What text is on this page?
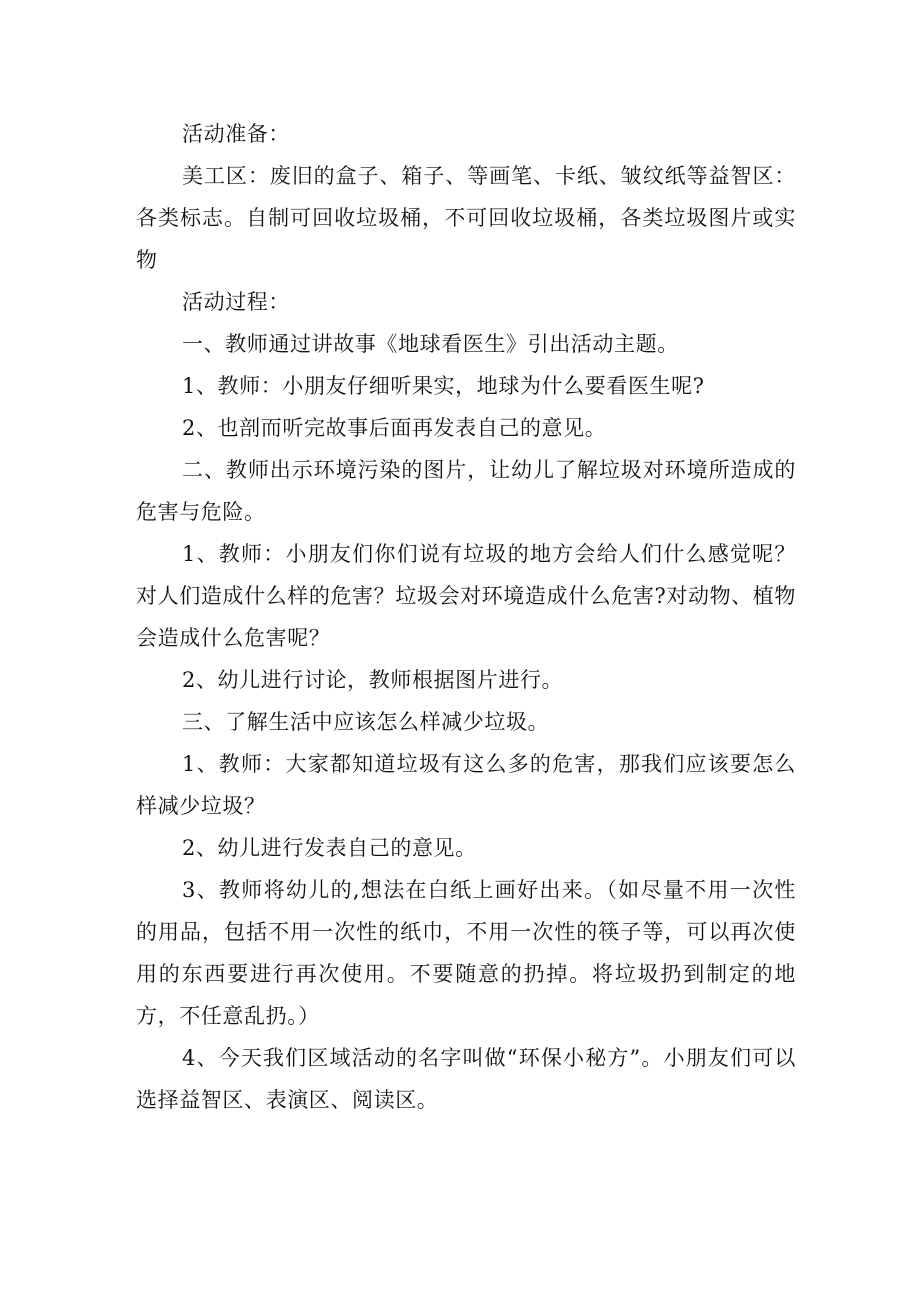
活动准备：

美工区：废旧的盒子、箱子、等画笔、卡纸、皱纹纸等益智区：各类标志。自制可回收垃圾桶，不可回收垃圾桶，各类垃圾图片或实物

活动过程：

一、教师通过讲故事《地球看医生》引出活动主题。

1、教师：小朋友仔细听果实，地球为什么要看医生呢?

2、也剖而听完故事后面再发表自己的意见。

二、教师出示环境污染的图片，让幼儿了解垃圾对环境所造成的危害与危险。

1、教师：小朋友们你们说有垃圾的地方会给人们什么感觉呢？对人们造成什么样的危害？垃圾会对环境造成什么危害?对动物、植物会造成什么危害呢？

2、幼儿进行讨论，教师根据图片进行。

三、了解生活中应该怎么样减少垃圾。

1、教师：大家都知道垃圾有这么多的危害，那我们应该要怎么样减少垃圾？

2、幼儿进行发表自己的意见。

3、教师将幼儿的,想法在白纸上画好出来。（如尽量不用一次性的用品，包括不用一次性的纸巾，不用一次性的筷子等，可以再次使用的东西要进行再次使用。不要随意的扔掉。将垃圾扔到制定的地方，不任意乱扔。）

4、今天我们区域活动的名字叫做“环保小秘方”。小朋友们可以选择益智区、表演区、阅读区。
